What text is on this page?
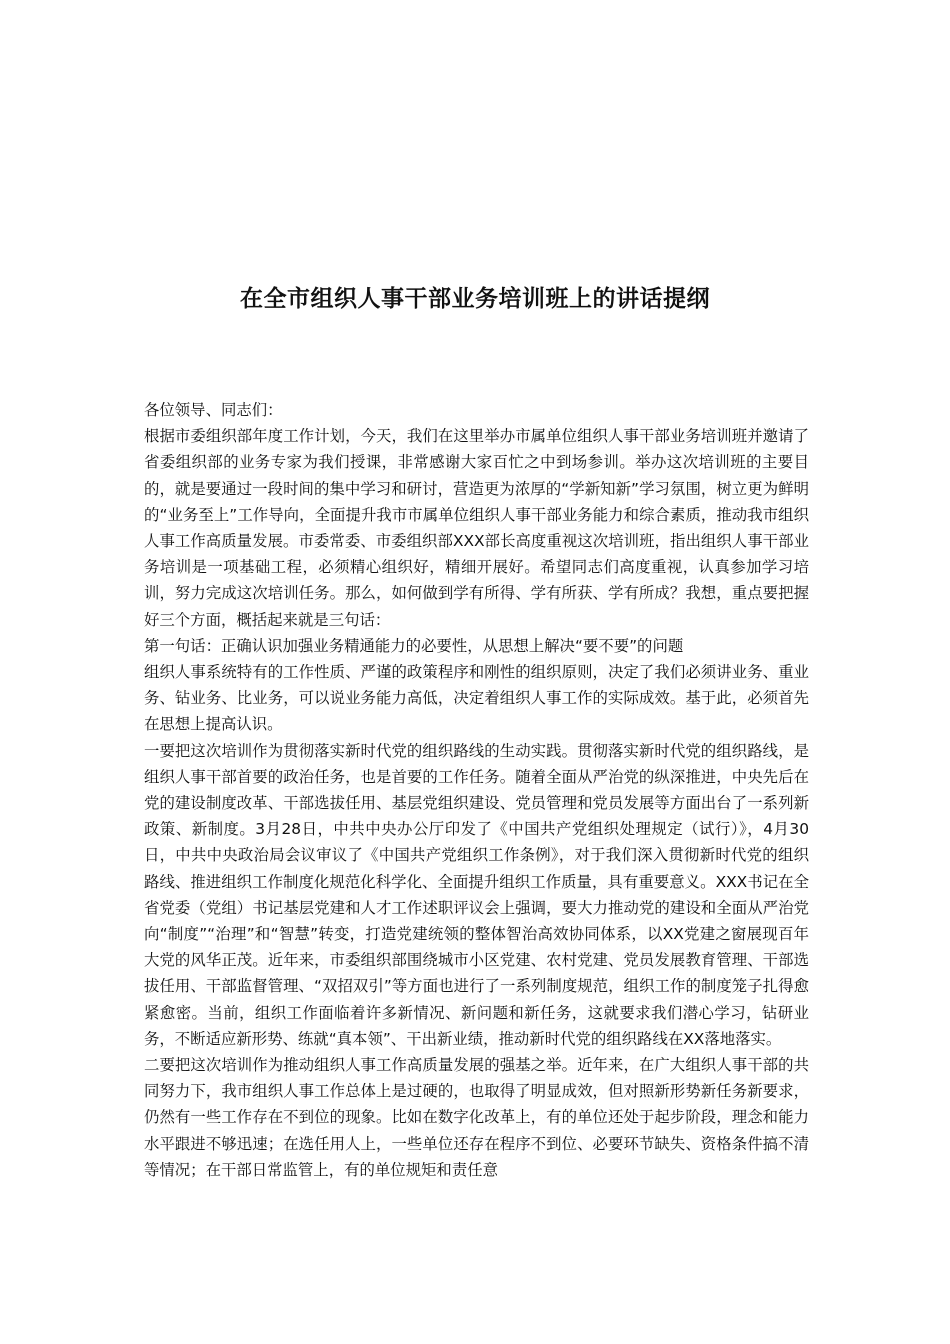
在全市组织人事干部业务培训班上的讲话提纲

各位领导、同志们：

根据市委组织部年度工作计划，今天，我们在这里举办市属单位组织人事干部业务培训班并邀请了省委组织部的业务专家为我们授课，非常感谢大家百忙之中到场参训。举办这次培训班的主要目的，就是要通过一段时间的集中学习和研讨，营造更为浓厚的“学新知新”学习氛围，树立更为鲜明的“业务至上”工作导向，全面提升我市市属单位组织人事干部业务能力和综合素质，推动我市组织人事工作高质量发展。市委常委、市委组织部XXX部长高度重视这次培训班，指出组织人事干部业务培训是一项基础工程，必须精心组织好，精细开展好。希望同志们高度重视，认真参加学习培训，努力完成这次培训任务。那么，如何做到学有所得、学有所获、学有所成？我想，重点要把握好三个方面，概括起来就是三句话：

第一句话：正确认识加强业务精通能力的必要性，从思想上解决“要不要”的问题

组织人事系统特有的工作性质、严谨的政策程序和刚性的组织原则，决定了我们必须讲业务、重业务、钻业务、比业务，可以说业务能力高低，决定着组织人事工作的实际成效。基于此，必须首先在思想上提高认识。

一要把这次培训作为贯彻落实新时代党的组织路线的生动实践。贯彻落实新时代党的组织路线，是组织人事干部首要的政治任务，也是首要的工作任务。随着全面从严治党的纵深推进，中央先后在党的建设制度改革、干部选拔任用、基层党组织建设、党员管理和党员发展等方面出台了一系列新政策、新制度。3月28日，中共中央办公厅印发了《中国共产党组织处理规定（试行）》，4月30日，中共中央政治局会议审议了《中国共产党组织工作条例》，对于我们深入贯彻新时代党的组织路线、推进组织工作制度化规范化科学化、全面提升组织工作质量，具有重要意义。XXX书记在全省党委（党组）书记基层党建和人才工作述职评议会上强调，要大力推动党的建设和全面从严治党向“制度”“治理”和“智慧”转变，打造党建统领的整体智治高效协同体系，以XX党建之窗展现百年大党的风华正茂。近年来，市委组织部围绕城市小区党建、农村党建、党员发展教育管理、干部选拔任用、干部监督管理、“双招双引”等方面也进行了一系列制度规范，组织工作的制度笼子扎得愈紧愈密。当前，组织工作面临着许多新情况、新问题和新任务，这就要求我们潜心学习，钻研业务，不断适应新形势、练就“真本领”、干出新业绩，推动新时代党的组织路线在XX落地落实。

二要把这次培训作为推动组织人事工作高质量发展的强基之举。近年来，在广大组织人事干部的共同努力下，我市组织人事工作总体上是过硬的，也取得了明显成效，但对照新形势新任务新要求，仍然有一些工作存在不到位的现象。比如在数字化改革上，有的单位还处于起步阶段，理念和能力水平跟进不够迅速；在选任用人上，一些单位还存在程序不到位、必要环节缺失、资格条件搞不清等情况；在干部日常监管上，有的单位规矩和责任意
